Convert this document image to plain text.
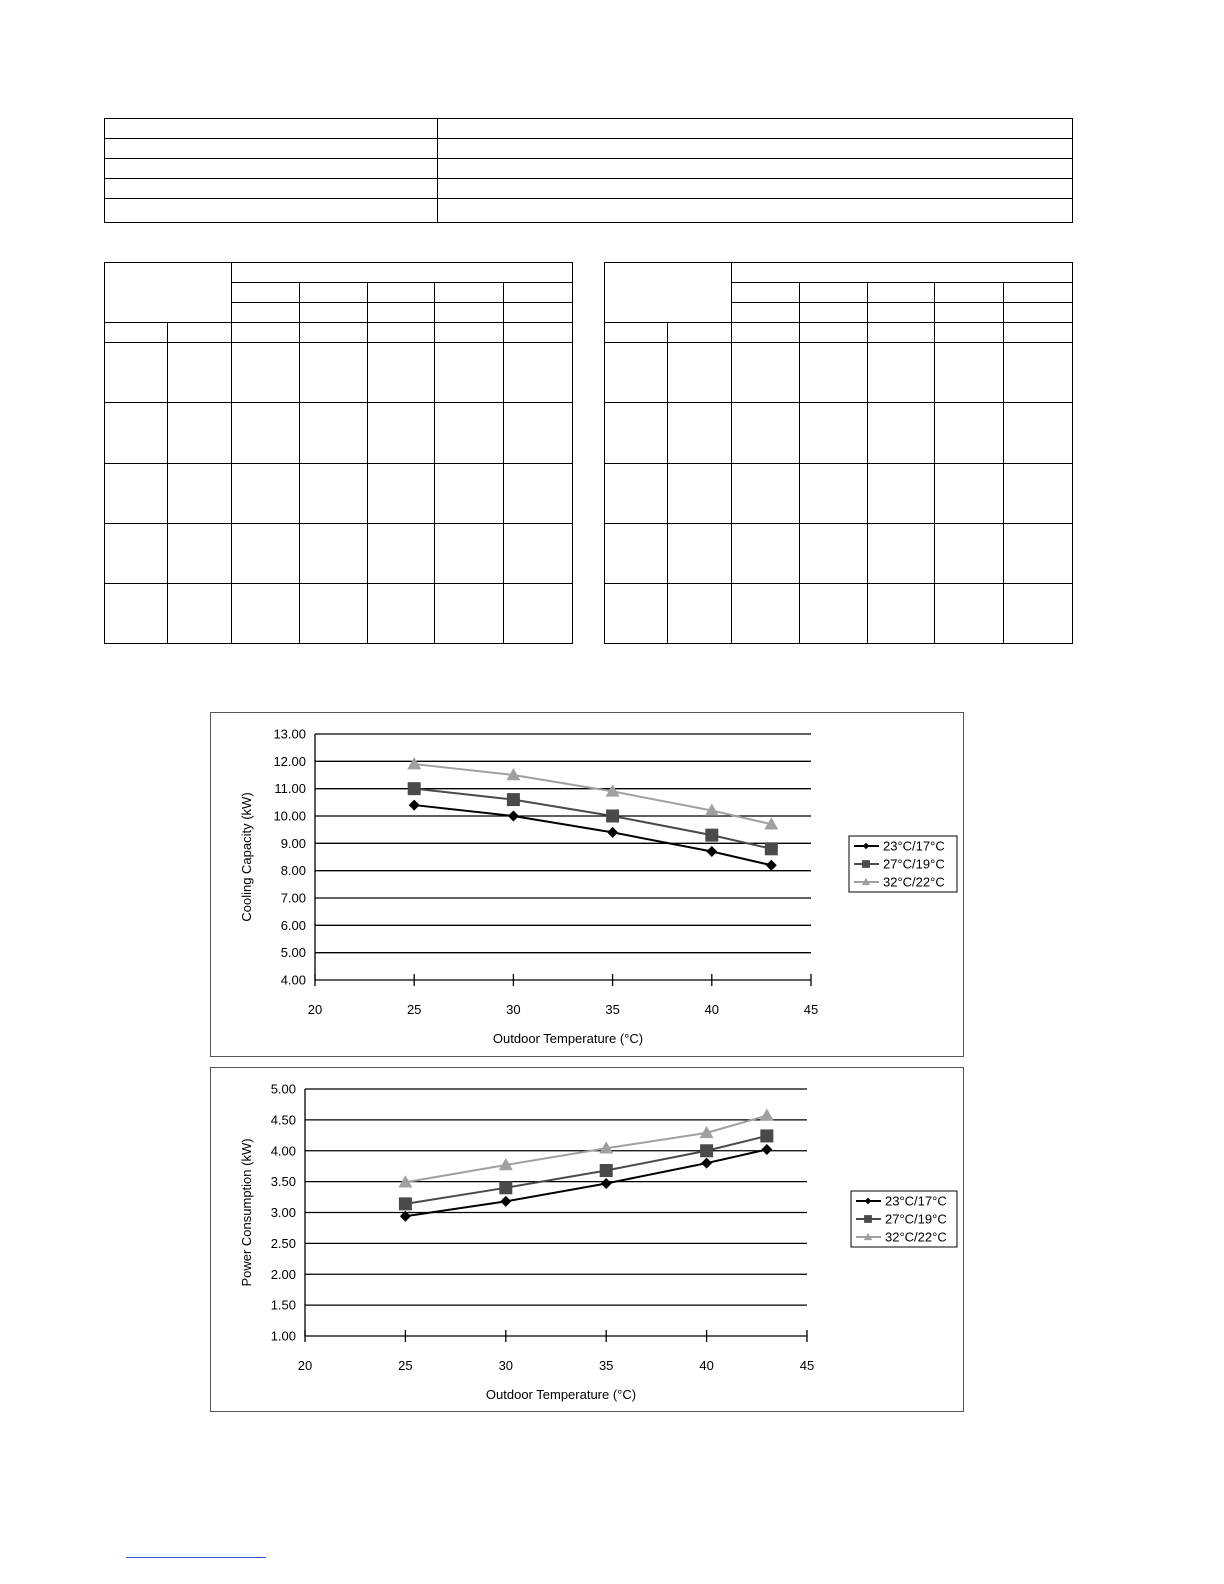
4.00
5.00
6.00
7.00
8.00
9.00
10.00
11.00
12.00
13.00
20	25	30	35	40	45
Outdoor Temperature (°C)
Cooling Capacity (kW)	23°C/17°C
27°C/19°C
32°C/22°C
1.00
1.50
2.00
2.50
3.00
3.50
4.00
4.50
5.00
20	25	30	35	40	45
Outdoor Temperature (°C)
Power Consumption (kW)	23°C/17°C
27°C/19°C
32°C/22°C
